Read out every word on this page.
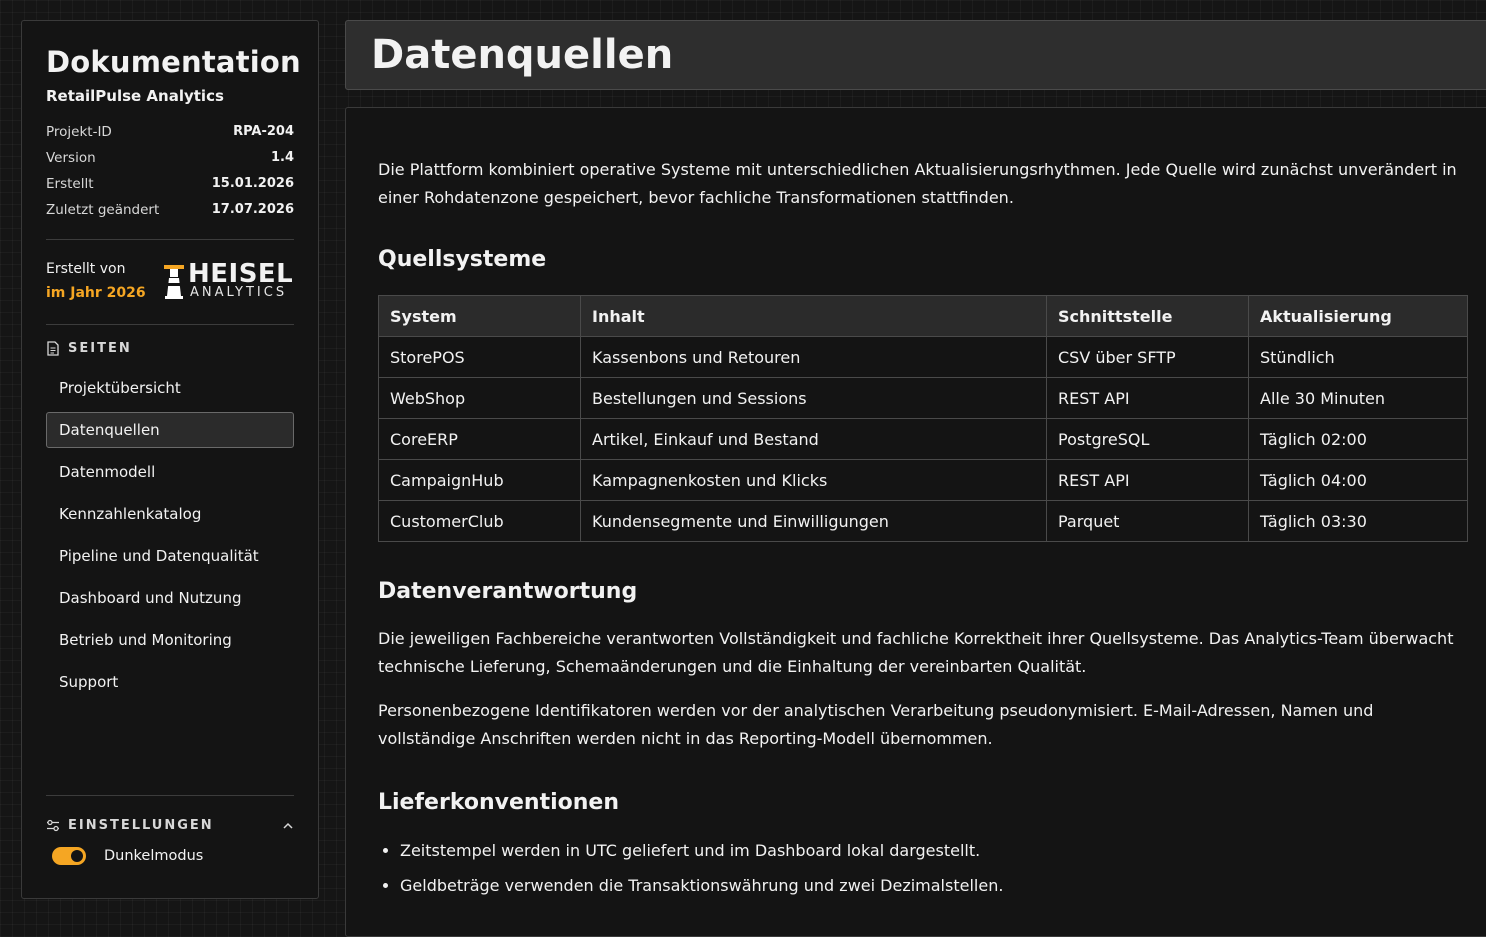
Dokumentation
RetailPulse Analytics
Projekt-ID	RPA-204
Version	1.4
Erstellt	15.01.2026
Zuletzt geändert	17.07.2026
Erstellt von
im Jahr 2026
HEISEL
ANALYTICS
SEITEN
Projektübersicht
Datenquellen
Datenmodell
Kennzahlenkatalog
Pipeline und Datenqualität
Dashboard und Nutzung
Betrieb und Monitoring
Support
EINSTELLUNGEN
Dunkelmodus
Datenquellen

Die Plattform kombiniert operative Systeme mit unterschiedlichen Aktualisierungsrhythmen. Jede Quelle wird zunächst unverändert in einer Rohdatenzone gespeichert, bevor fachliche Transformationen stattfinden.

Quellsysteme
System	Inhalt	Schnittstelle	Aktualisierung
StorePOS	Kassenbons und Retouren	CSV über SFTP	Stündlich
WebShop	Bestellungen und Sessions	REST API	Alle 30 Minuten
CoreERP	Artikel, Einkauf und Bestand	PostgreSQL	Täglich 02:00
CampaignHub	Kampagnenkosten und Klicks	REST API	Täglich 04:00
CustomerClub	Kundensegmente und Einwilligungen	Parquet	Täglich 03:30
Datenverantwortung

Die jeweiligen Fachbereiche verantworten Vollständigkeit und fachliche Korrektheit ihrer Quellsysteme. Das Analytics-Team überwacht technische Lieferung, Schemaänderungen und die Einhaltung der vereinbarten Qualität.

Personenbezogene Identifikatoren werden vor der analytischen Verarbeitung pseudonymisiert. E-Mail-Adressen, Namen und vollständige Anschriften werden nicht in das Reporting-Modell übernommen.

Lieferkonventionen
• Zeitstempel werden in UTC geliefert und im Dashboard lokal dargestellt.
• Geldbeträge verwenden die Transaktionswährung und zwei Dezimalstellen.
